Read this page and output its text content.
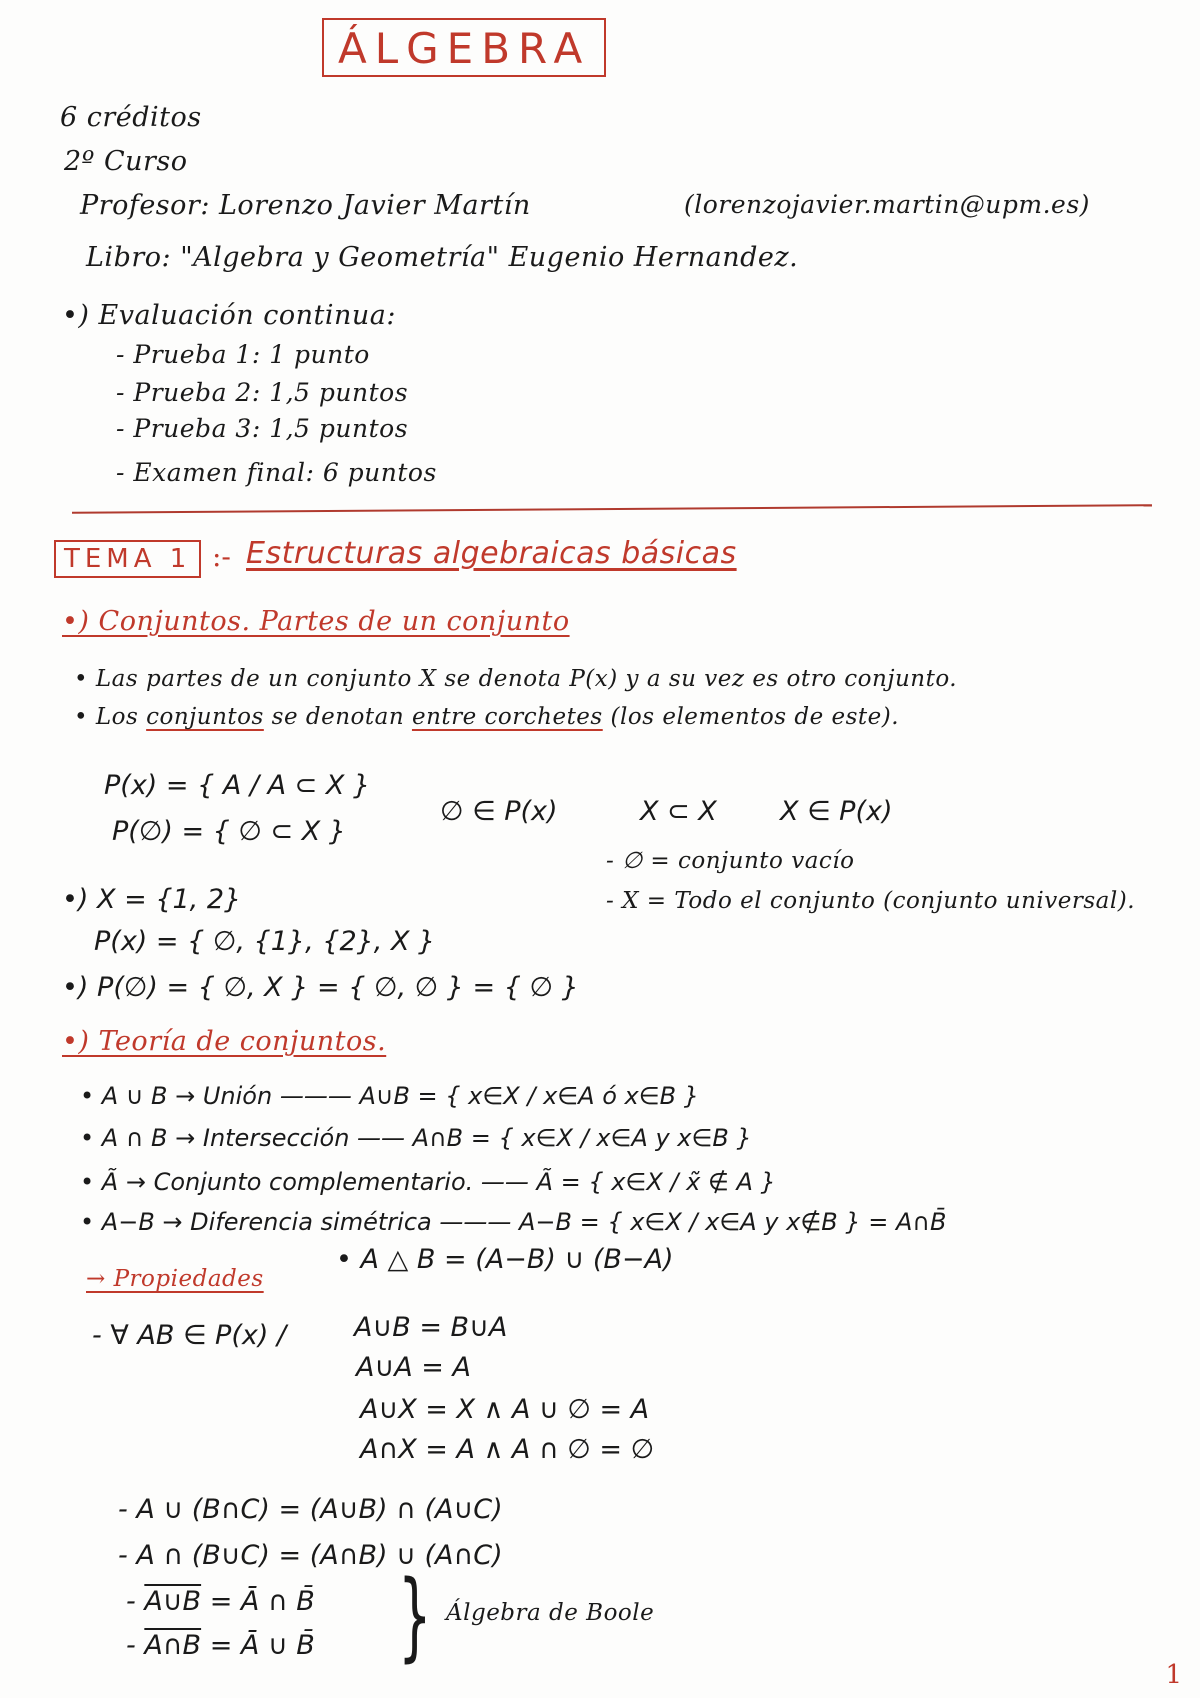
ÁLGEBRA
6 créditos
2º Curso
Profesor: Lorenzo Javier Martín	(lorenzojavier.martin@upm.es)
Libro: "Algebra y Geometría" Eugenio Hernandez.
•) Evaluación continua:
- Prueba 1: 1 punto
- Prueba 2: 1,5 puntos
- Prueba 3: 1,5 puntos
- Examen final: 6 puntos
TEMA 1 :- Estructuras algebraicas básicas
•) Conjuntos. Partes de un conjunto
• Las partes de un conjunto X se denota P(x) y a su vez es otro conjunto.
• Los conjuntos se denotan entre corchetes (los elementos de este).
P(x) = { A / A ⊂ X }
P(∅) = { ∅ ⊂ X }
∅ ∈ P(x)	X ⊂ X X ∈ P(x)
- ∅ = conjunto vacío
- X = Todo el conjunto (conjunto universal).
•) X = {1, 2}
P(x) = { ∅, {1}, {2}, X }
•) P(∅) = { ∅, X } = { ∅, ∅ } = { ∅ }
•) Teoría de conjuntos.
• A ∪ B → Unión ——— A∪B = { x∈X / x∈A ó x∈B }
• A ∩ B → Intersección —— A∩B = { x∈X / x∈A y x∈B }
• Ã → Conjunto complementario. —— Ã = { x∈X / x̃ ∉ A }
• A−B → Diferencia simétrica ——— A−B = { x∈X / x∈A y x∉B } = A∩B̄
→ Propiedades
• A △ B = (A−B) ∪ (B−A)
- ∀ AB ∈ P(x) /	A∪B = B∪A
A∪A = A
A∪X = X ∧ A ∪ ∅ = A
A∩X = A ∧ A ∩ ∅ = ∅
- A ∪ (B∩C) = (A∪B) ∩ (A∪C)
- A ∩ (B∪C) = (A∩B) ∪ (A∩C)
- A∪B = Ā ∩ B̄
- A∩B = Ā ∪ B̄ } Álgebra de Boole
1
